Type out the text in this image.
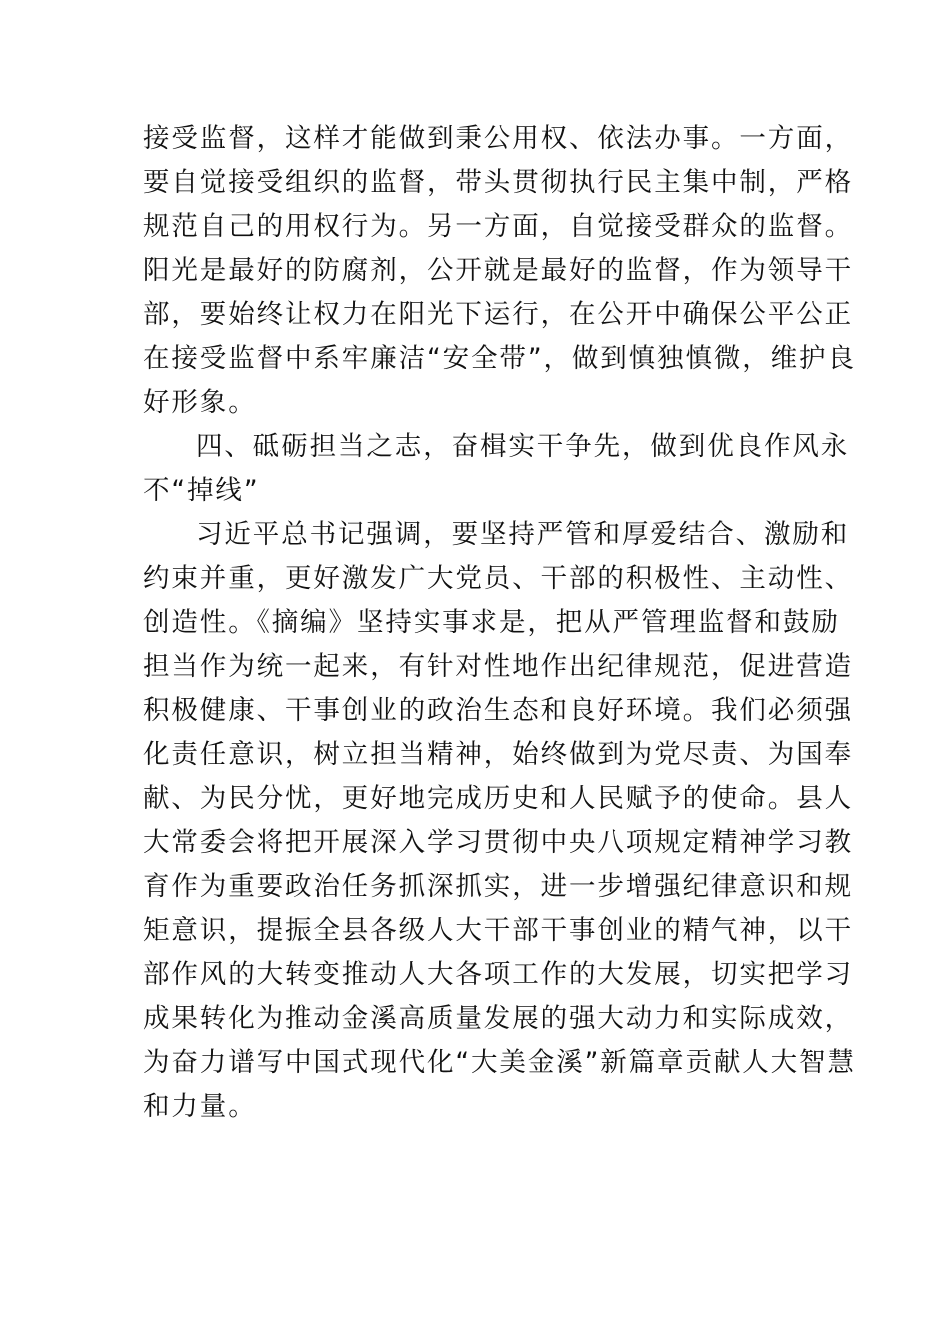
接受监督，这样才能做到秉公用权、依法办事。一方面，
要自觉接受组织的监督，带头贯彻执行民主集中制，严格
规范自己的用权行为。另一方面，自觉接受群众的监督。
阳光是最好的防腐剂，公开就是最好的监督，作为领导干
部，要始终让权力在阳光下运行，在公开中确保公平公正
在接受监督中系牢廉洁“安全带”，做到慎独慎微，维护良
好形象。
四、砥砺担当之志，奋楫实干争先，做到优良作风永
不“掉线”
习近平总书记强调，要坚持严管和厚爱结合、激励和
约束并重，更好激发广大党员、干部的积极性、主动性、
创造性。《摘编》坚持实事求是，把从严管理监督和鼓励
担当作为统一起来，有针对性地作出纪律规范，促进营造
积极健康、干事创业的政治生态和良好环境。我们必须强
化责任意识，树立担当精神，始终做到为党尽责、为国奉
献、为民分忧，更好地完成历史和人民赋予的使命。县人
大常委会将把开展深入学习贯彻中央八项规定精神学习教
育作为重要政治任务抓深抓实，进一步增强纪律意识和规
矩意识，提振全县各级人大干部干事创业的精气神，以干
部作风的大转变推动人大各项工作的大发展，切实把学习
成果转化为推动金溪高质量发展的强大动力和实际成效，
为奋力谱写中国式现代化“大美金溪”新篇章贡献人大智慧
和力量。
